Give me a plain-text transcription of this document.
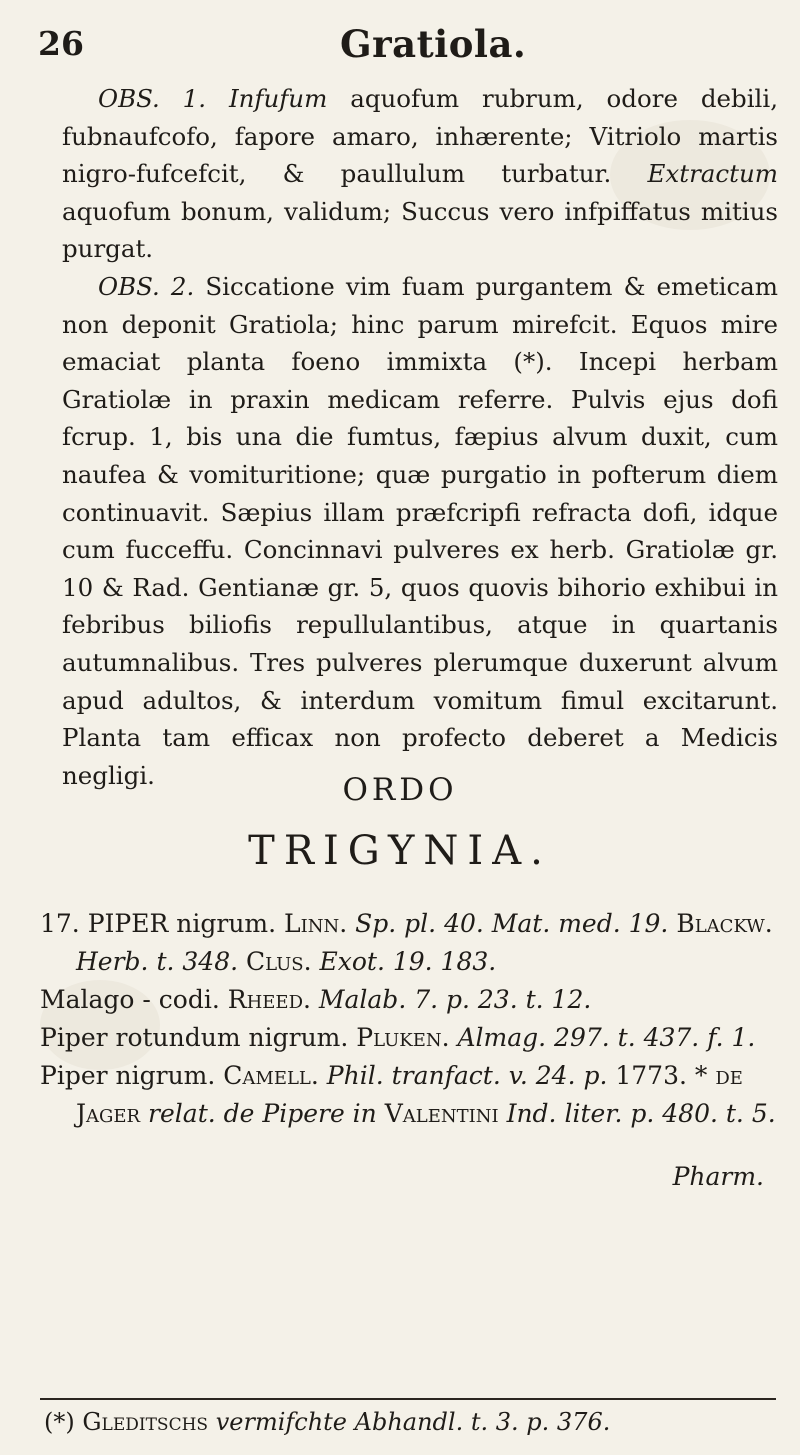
26	Gratiola.

OBS. 1. Infufum aquofum rubrum, odore debili, fubnaufcofo, fapore amaro, inhærente; Vitriolo martis nigro-fufcefcit, & paullulum turbatur. Extractum aquofum bonum, validum; Succus vero infpiffatus mitius purgat.

OBS. 2. Siccatione vim fuam purgantem & emeticam non deponit Gratiola; hinc parum mirefcit. Equos mire emaciat planta foeno immixta (*). Incepi herbam Gratiolæ in praxin medicam referre. Pulvis ejus dofi fcrup. 1, bis una die fumtus, fæpius alvum duxit, cum naufea & vomituritione; quæ purgatio in pofterum diem continuavit. Sæpius illam præfcripfi refracta dofi, idque cum fucceffu. Concinnavi pulveres ex herb. Gratiolæ gr. 10 & Rad. Gentianæ gr. 5, quos quovis bihorio exhibui in febribus biliofis repullulantibus, atque in quartanis autumnalibus. Tres pulveres plerumque duxerunt alvum apud adultos, & interdum vomitum fimul excitarunt. Planta tam efficax non profecto deberet a Medicis negligi.	ORDO
TRIGYNIA.

17. PIPER nigrum. Linn. Sp. pl. 40. Mat. med. 19. Blackw. Herb. t. 348. Clus. Exot. 19. 183.

Malago - codi. Rheed. Malab. 7. p. 23. t. 12.

Piper rotundum nigrum. Pluken. Almag. 297. t. 437. f. 1.

Piper nigrum. Camell. Phil. tranfact. v. 24. p. 1773. * de Jager relat. de Pipere in Valentini Ind. liter. p. 480. t. 5.

Pharm.

(*) Gleditschs vermifchte Abhandl. t. 3. p. 376.
